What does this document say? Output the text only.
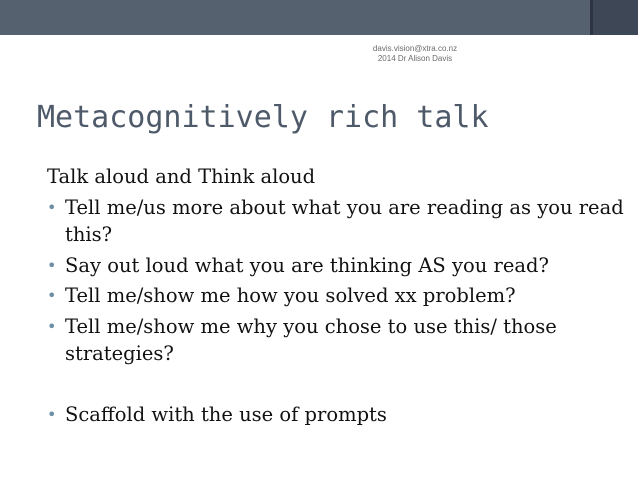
davis.vision@xtra.co.nz
2014 Dr Alison Davis
Metacognitively rich talk

Talk aloud and Think aloud

• Tell me/us more about what you are reading as you read this?
• Say out loud what you are thinking AS you read?
• Tell me/show me how you solved xx problem?
• Tell me/show me why you chose to use this/ those strategies?
• Scaffold with the use of prompts
